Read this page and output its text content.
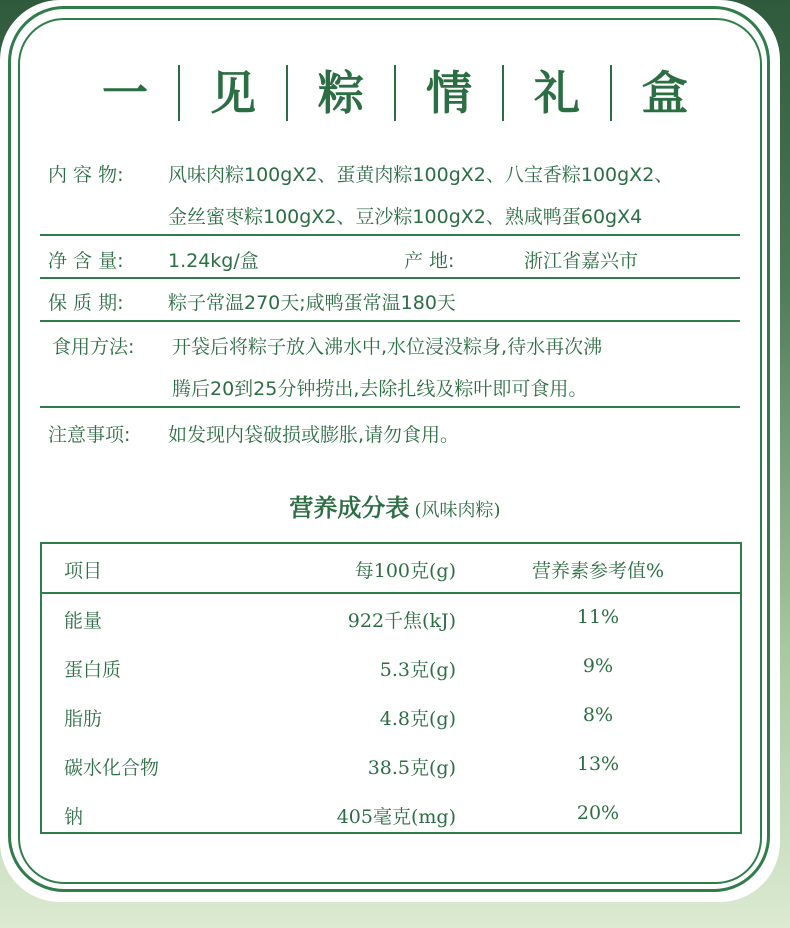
一	见	粽	情	礼	盒
内 容 物: 风味肉粽100gX2、蛋黄肉粽100gX2、八宝香粽100gX2、
金丝蜜枣粽100gX2、豆沙粽100gX2、熟咸鸭蛋60gX4
净 含 量: 1.24kg/盒	产 地:	浙江省嘉兴市
保 质 期: 粽子常温270天;咸鸭蛋常温180天
食用方法: 开袋后将粽子放入沸水中,水位浸没粽身,待水再次沸
腾后20到25分钟捞出,去除扎线及粽叶即可食用。
注意事项: 如发现内袋破损或膨胀,请勿食用。
营养成分表 (风味肉粽)
项目	每100克(g)	营养素参考值%
能量	922千焦(kJ)	11%
蛋白质	5.3克(g)	9%
脂肪	4.8克(g)	8%
碳水化合物	38.5克(g)	13%
钠	405毫克(mg)	20%
